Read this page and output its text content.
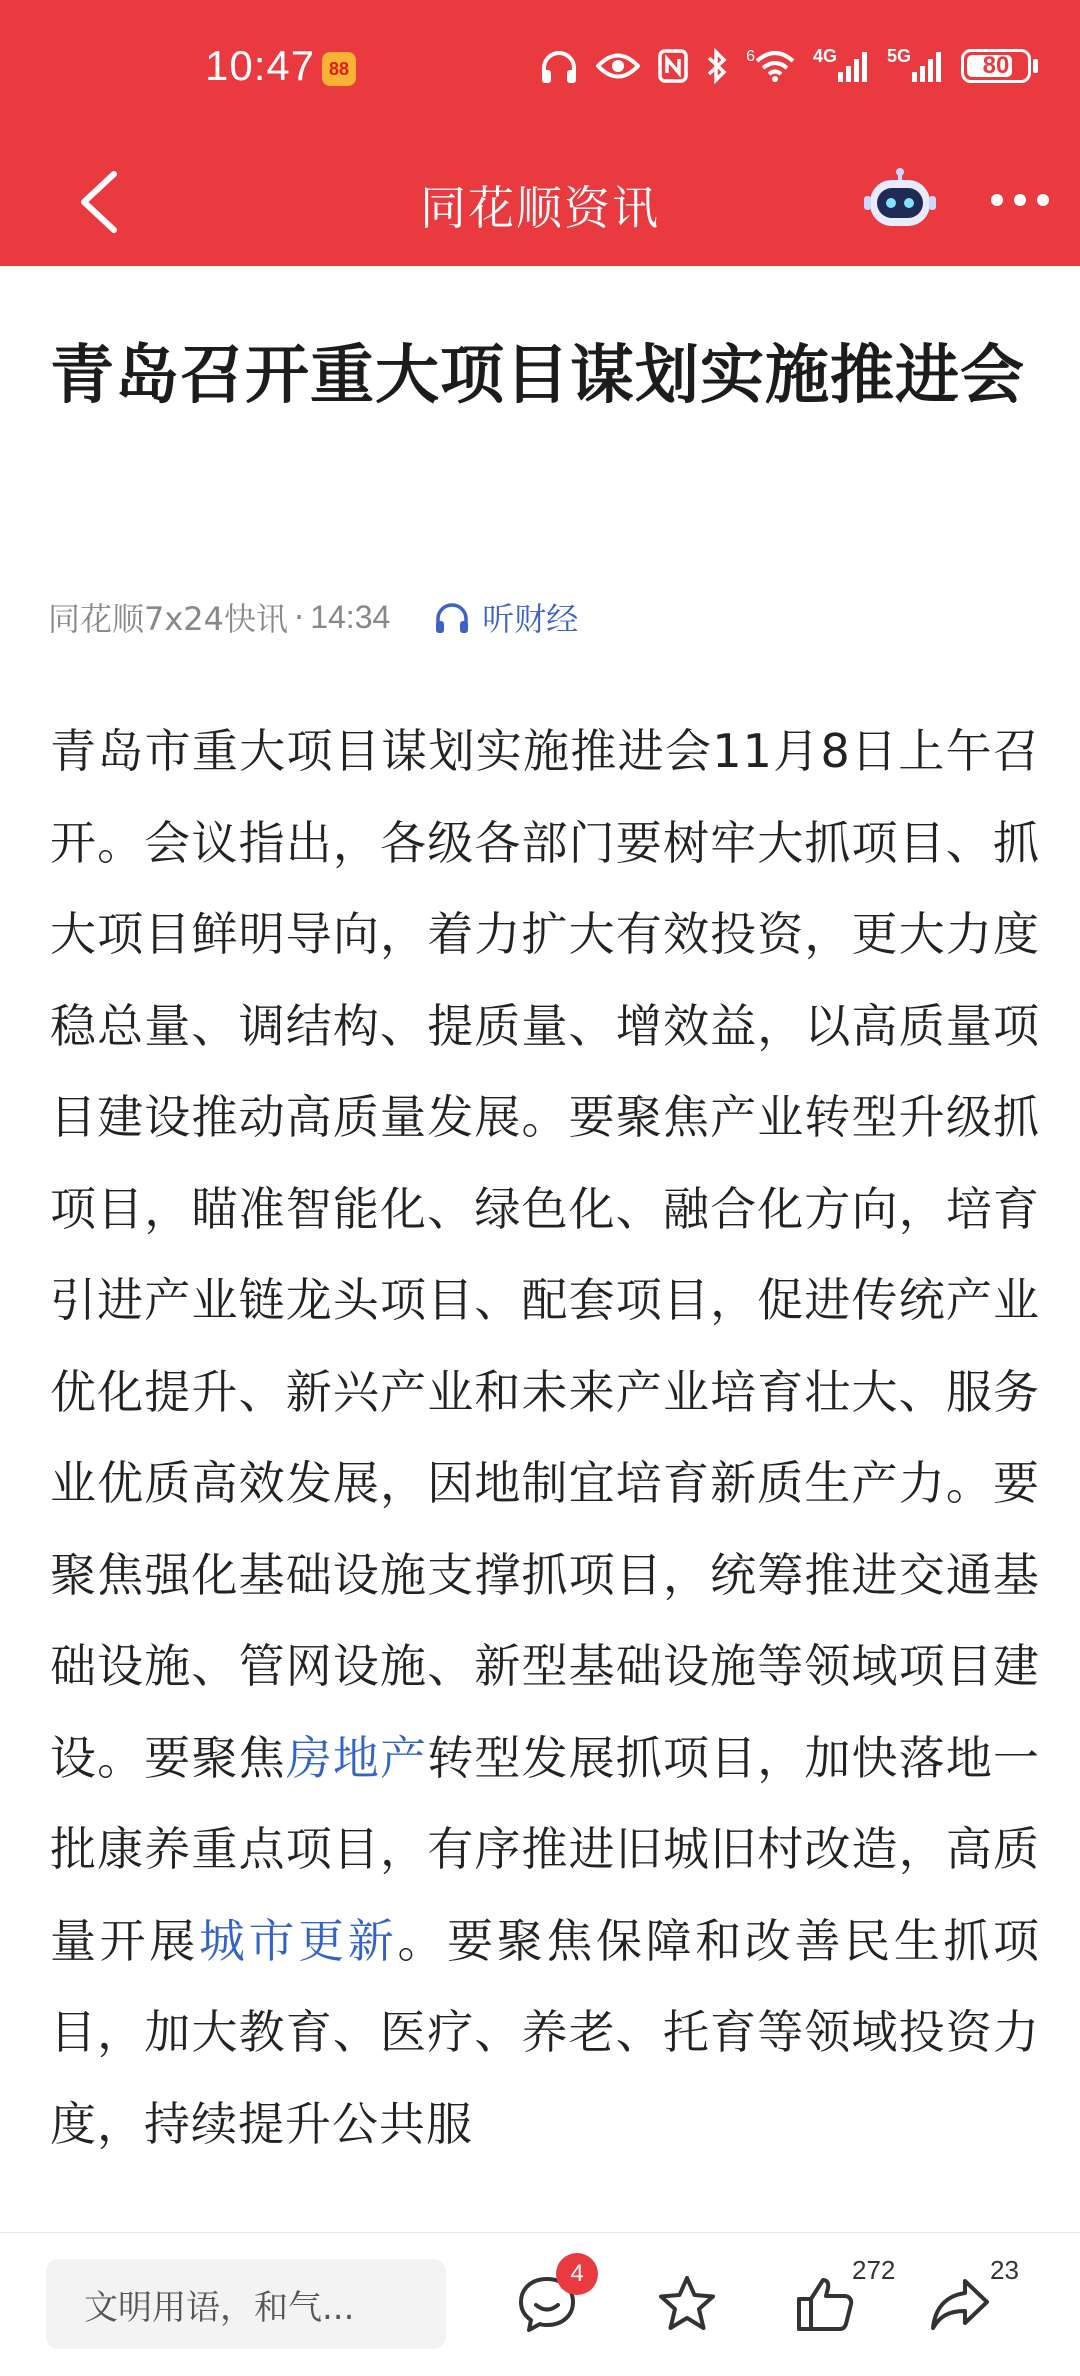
10:47 88
6	4G	5G	80
同花顺资讯
青岛召开重大项目谋划实施推进会
同花顺7x24快讯 · 14:34	听财经

青岛市重大项目谋划实施推进会11月8日上午召开。会议指出，各级各部门要树牢大抓项目、抓大项目鲜明导向，着力扩大有效投资，更大力度稳总量、调结构、提质量、增效益，以高质量项目建设推动高质量发展。要聚焦产业转型升级抓项目，瞄准智能化、绿色化、融合化方向，培育引进产业链龙头项目、配套项目，促进传统产业优化提升、新兴产业和未来产业培育壮大、服务业优质高效发展，因地制宜培育新质生产力。要聚焦强化基础设施支撑抓项目，统筹推进交通基础设施、管网设施、新型基础设施等领域项目建设。要聚焦房地产转型发展抓项目，加快落地一批康养重点项目，有序推进旧城旧村改造，高质量开展城市更新。要聚焦保障和改善民生抓项目，加大教育、医疗、养老、托育等领域投资力度，持续提升公共服

文明用语，和气...
4	272	23
